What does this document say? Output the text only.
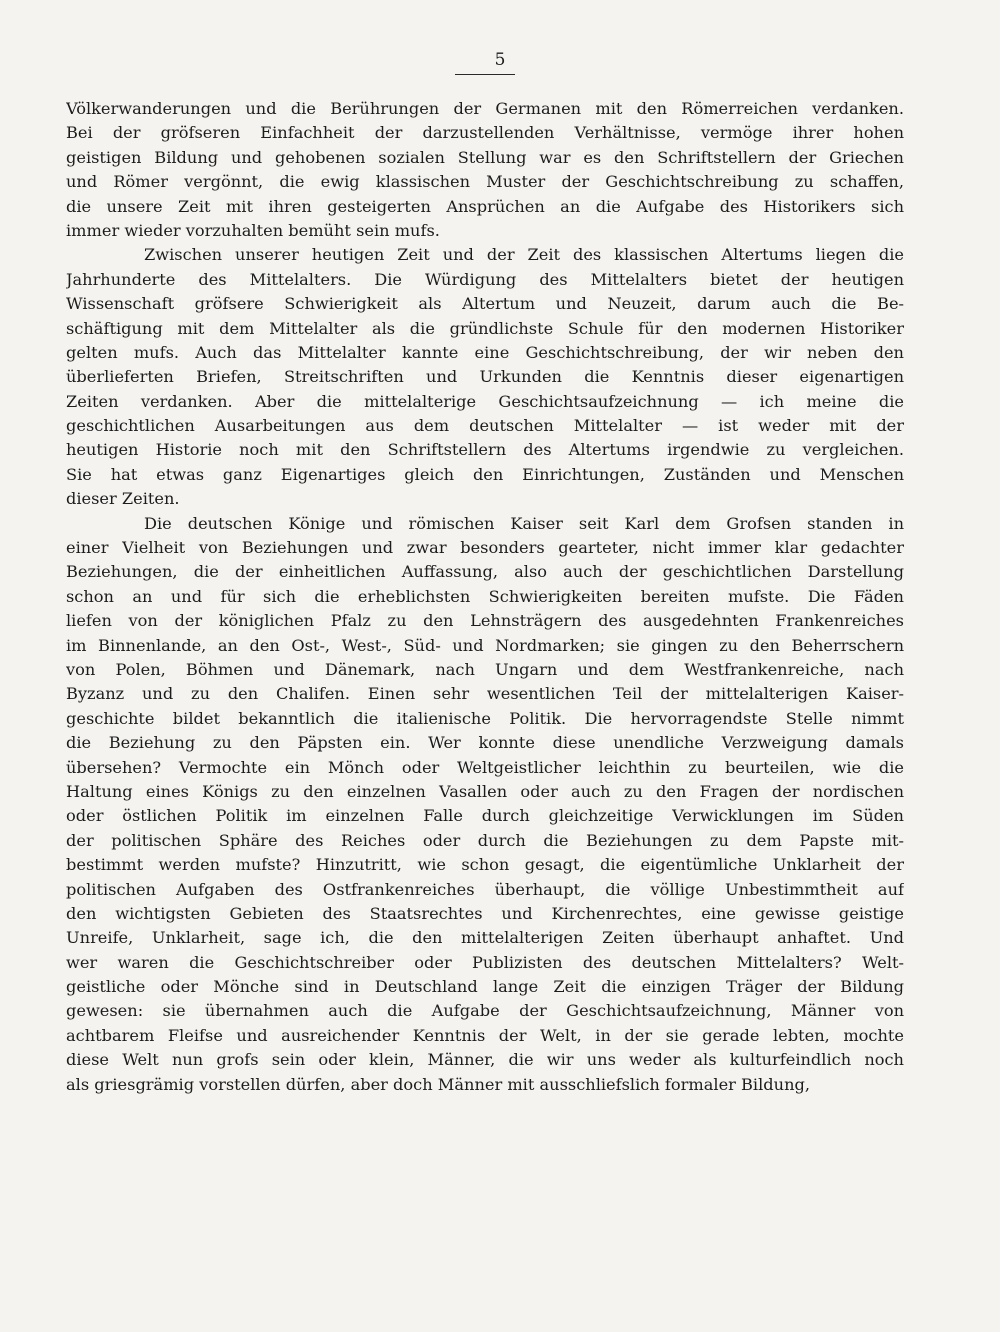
5
Völkerwanderungen und die Berührungen der Germanen mit den Römerreichen verdanken.
Bei der gröfseren Einfachheit der darzustellenden Verhältnisse, vermöge ihrer hohen
geistigen Bildung und gehobenen sozialen Stellung war es den Schriftstellern der Griechen
und Römer vergönnt, die ewig klassischen Muster der Geschichtschreibung zu schaffen,
die unsere Zeit mit ihren gesteigerten Ansprüchen an die Aufgabe des Historikers sich
immer wieder vorzuhalten bemüht sein mufs.
Zwischen unserer heutigen Zeit und der Zeit des klassischen Altertums liegen die
Jahrhunderte des Mittelalters. Die Würdigung des Mittelalters bietet der heutigen
Wissenschaft gröfsere Schwierigkeit als Altertum und Neuzeit, darum auch die Be-
schäftigung mit dem Mittelalter als die gründlichste Schule für den modernen Historiker
gelten mufs. Auch das Mittelalter kannte eine Geschichtschreibung, der wir neben den
überlieferten Briefen, Streitschriften und Urkunden die Kenntnis dieser eigenartigen
Zeiten verdanken. Aber die mittelalterige Geschichtsaufzeichnung — ich meine die
geschichtlichen Ausarbeitungen aus dem deutschen Mittelalter — ist weder mit der
heutigen Historie noch mit den Schriftstellern des Altertums irgendwie zu vergleichen.
Sie hat etwas ganz Eigenartiges gleich den Einrichtungen, Zuständen und Menschen
dieser Zeiten.
Die deutschen Könige und römischen Kaiser seit Karl dem Grofsen standen in
einer Vielheit von Beziehungen und zwar besonders gearteter, nicht immer klar gedachter
Beziehungen, die der einheitlichen Auffassung, also auch der geschichtlichen Darstellung
schon an und für sich die erheblichsten Schwierigkeiten bereiten mufste. Die Fäden
liefen von der königlichen Pfalz zu den Lehnsträgern des ausgedehnten Frankenreiches
im Binnenlande, an den Ost-, West-, Süd- und Nordmarken; sie gingen zu den Beherrschern
von Polen, Böhmen und Dänemark, nach Ungarn und dem Westfrankenreiche, nach
Byzanz und zu den Chalifen. Einen sehr wesentlichen Teil der mittelalterigen Kaiser-
geschichte bildet bekanntlich die italienische Politik. Die hervorragendste Stelle nimmt
die Beziehung zu den Päpsten ein. Wer konnte diese unendliche Verzweigung damals
übersehen? Vermochte ein Mönch oder Weltgeistlicher leichthin zu beurteilen, wie die
Haltung eines Königs zu den einzelnen Vasallen oder auch zu den Fragen der nordischen
oder östlichen Politik im einzelnen Falle durch gleichzeitige Verwicklungen im Süden
der politischen Sphäre des Reiches oder durch die Beziehungen zu dem Papste mit-
bestimmt werden mufste? Hinzutritt, wie schon gesagt, die eigentümliche Unklarheit der
politischen Aufgaben des Ostfrankenreiches überhaupt, die völlige Unbestimmtheit auf
den wichtigsten Gebieten des Staatsrechtes und Kirchenrechtes, eine gewisse geistige
Unreife, Unklarheit, sage ich, die den mittelalterigen Zeiten überhaupt anhaftet. Und
wer waren die Geschichtschreiber oder Publizisten des deutschen Mittelalters? Welt-
geistliche oder Mönche sind in Deutschland lange Zeit die einzigen Träger der Bildung
gewesen: sie übernahmen auch die Aufgabe der Geschichtsaufzeichnung, Männer von
achtbarem Fleifse und ausreichender Kenntnis der Welt, in der sie gerade lebten, mochte
diese Welt nun grofs sein oder klein, Männer, die wir uns weder als kulturfeindlich noch
als griesgrämig vorstellen dürfen, aber doch Männer mit ausschliefslich formaler Bildung,
